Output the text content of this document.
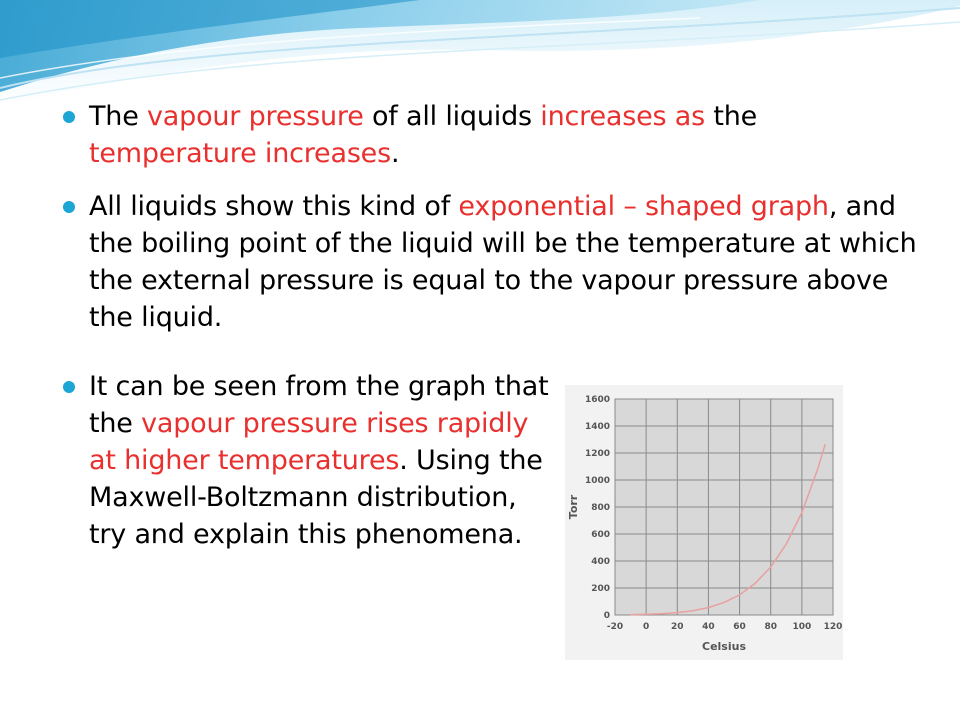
The vapour pressure of all liquids increases as the temperature increases.
All liquids show this kind of exponential – shaped graph, and the boiling point of the liquid will be the temperature at which the external pressure is equal to the vapour pressure above the liquid.
It can be seen from the graph that the vapour pressure rises rapidly at higher temperatures. Using the Maxwell-Boltzmann distribution, try and explain this phenomena.
-20 0 20 40 60 80 100 120
0
200
400
600
800
1000
1200
1400
1600
Celsius
Torr
